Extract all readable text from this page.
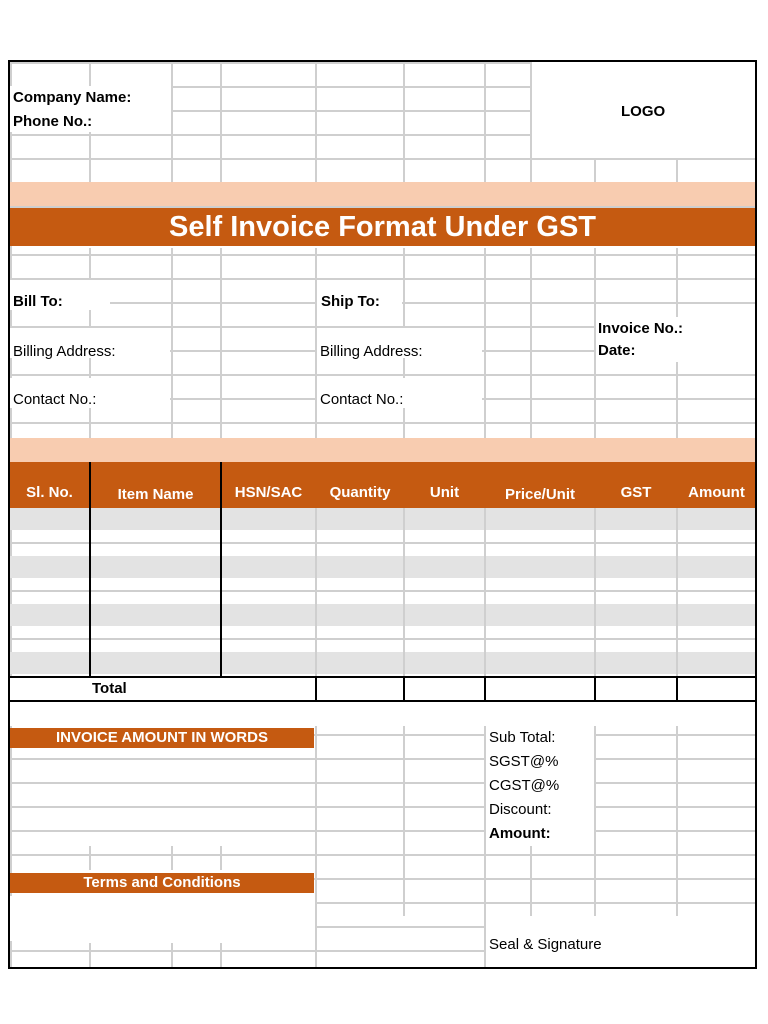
Self Invoice Format Under GST
Sl. No.	Item Name	HSN/SAC	Quantity	Unit	Price/Unit	GST	Amount
Total
INVOICE AMOUNT IN WORDS
Terms and Conditions
Company Name:
Phone No.:
LOGO
Bill To:	Ship To:
Invoice No.:
Date:
Billing Address:	Billing Address:
Contact No.:	Contact No.:
Sub Total:
SGST@%
CGST@%
Discount:
Amount:
Seal & Signature
